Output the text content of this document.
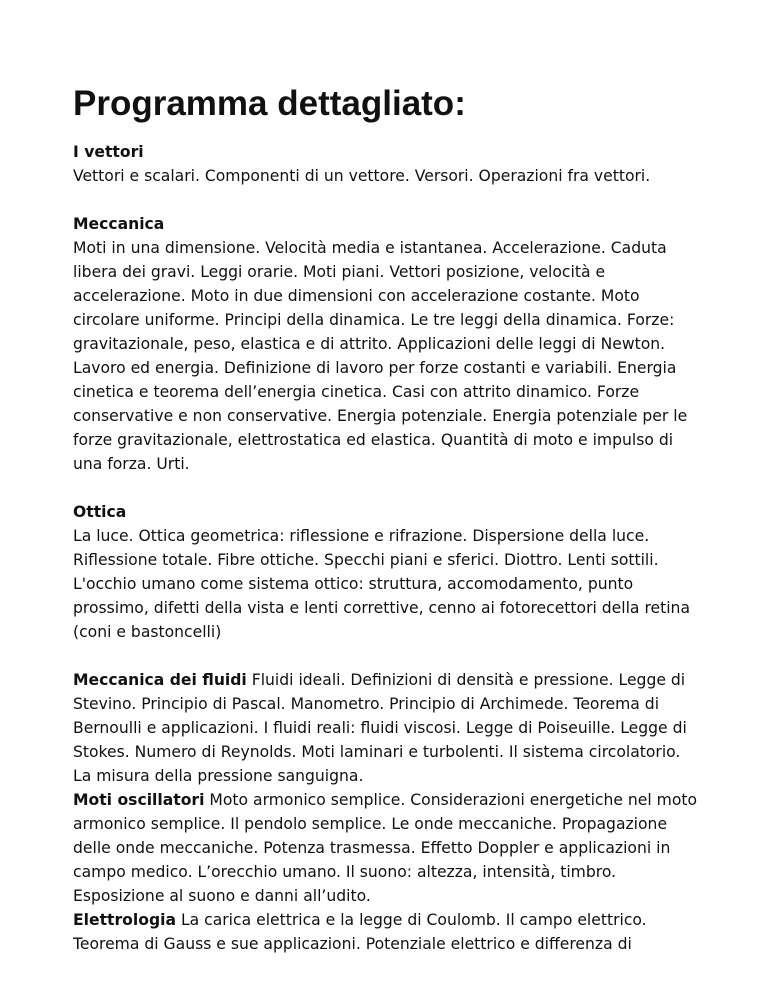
Programma dettagliato:

I vettori
Vettori e scalari. Componenti di un vettore. Versori. Operazioni fra vettori.

Meccanica
Moti in una dimensione. Velocità media e istantanea. Accelerazione. Caduta libera dei gravi. Leggi orarie. Moti piani. Vettori posizione, velocità e accelerazione. Moto in due dimensioni con accelerazione costante. Moto circolare uniforme. Principi della dinamica. Le tre leggi della dinamica. Forze: gravitazionale, peso, elastica e di attrito. Applicazioni delle leggi di Newton. Lavoro ed energia. Definizione di lavoro per forze costanti e variabili. Energia cinetica e teorema dell’energia cinetica. Casi con attrito dinamico. Forze conservative e non conservative. Energia potenziale. Energia potenziale per le forze gravitazionale, elettrostatica ed elastica. Quantità di moto e impulso di una forza. Urti.

Ottica
La luce. Ottica geometrica: riflessione e rifrazione. Dispersione della luce. Riflessione totale. Fibre ottiche. Specchi piani e sferici. Diottro. Lenti sottili. L'occhio umano come sistema ottico: struttura, accomodamento, punto prossimo, difetti della vista e lenti correttive, cenno ai fotorecettori della retina (coni e bastoncelli)

Meccanica dei fluidi Fluidi ideali. Definizioni di densità e pressione. Legge di Stevino. Principio di Pascal. Manometro. Principio di Archimede. Teorema di Bernoulli e applicazioni. I fluidi reali: fluidi viscosi. Legge di Poiseuille. Legge di Stokes. Numero di Reynolds. Moti laminari e turbolenti. Il sistema circolatorio. La misura della pressione sanguigna.

Moti oscillatori Moto armonico semplice. Considerazioni energetiche nel moto armonico semplice. Il pendolo semplice. Le onde meccaniche. Propagazione delle onde meccaniche. Potenza trasmessa. Effetto Doppler e applicazioni in campo medico. L’orecchio umano. Il suono: altezza, intensità, timbro. Esposizione al suono e danni all’udito.

Elettrologia La carica elettrica e la legge di Coulomb. Il campo elettrico. Teorema di Gauss e sue applicazioni. Potenziale elettrico e differenza di
